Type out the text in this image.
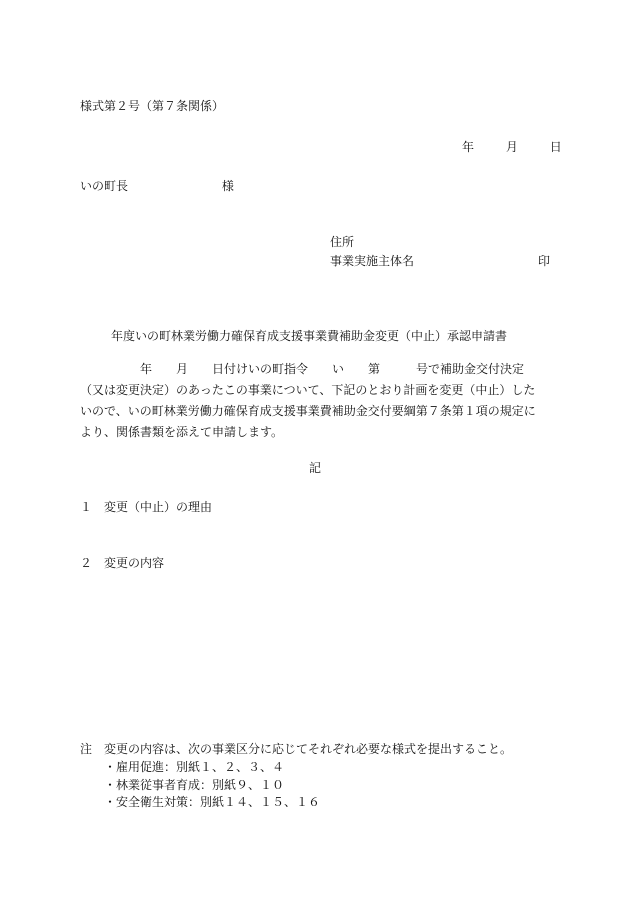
様式第２号（第７条関係）
年	月	日
いの町長	様
住所
事業実施主体名	印
年度いの町林業労働力確保育成支援事業費補助金変更（中止）承認申請書

　　　　　年　　月　　日付けいの町指令　　い　　第　　　号で補助金交付決定

（又は変更決定）のあったこの事業について、下記のとおり計画を変更（中止）した

いので、いの町林業労働力確保育成支援事業費補助金交付要綱第７条第１項の規定に

より、関係書類を添えて申請します。

記
１ 変更（中止）の理由
２ 変更の内容
注 変更の内容は、次の事業区分に応じてそれぞれ必要な様式を提出すること。
・雇用促進：別紙１、２、３、４
・林業従事者育成：別紙９、１０
・安全衛生対策：別紙１４、１５、１６
